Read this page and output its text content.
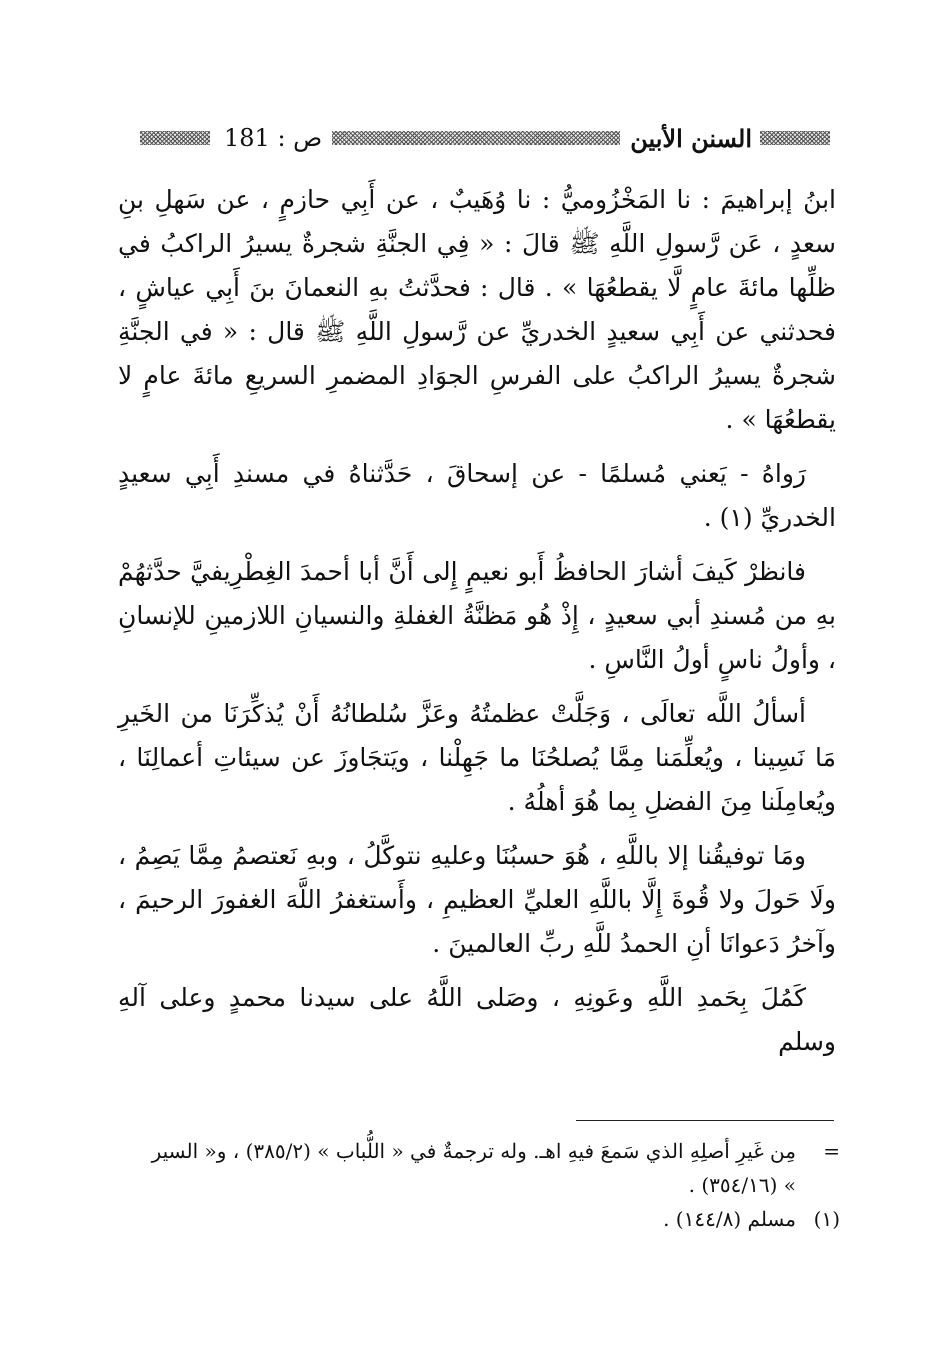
السنن الأبين
ص : 181

ابنُ إبراهيمَ : نا المَخْزُوميُّ : نا وُهَيبٌ ، عن أَبِي حازمٍ ، عن سَهلِ بنِ سعدٍ ، عَن رَّسولِ اللَّهِ ﷺ قالَ : « فِي الجنَّةِ شجرةٌ يسيرُ الراكبُ في ظلِّها مائةَ عامٍ لَّا يقطعُهَا » . قال : فحدَّثتُ بهِ النعمانَ بنَ أَبِي عياشٍ ، فحدثني عن أَبِي سعيدٍ الخدريِّ عن رَّسولِ اللَّهِ ﷺ قال : « في الجنَّةِ شجرةٌ يسيرُ الراكبُ على الفرسِ الجوَادِ المضمرِ السريعِ مائةَ عامٍ لا يقطعُهَا » .

رَواهُ - يَعني مُسلمًا - عن إسحاقَ ، حَدَّثناهُ في مسندِ أَبِي سعيدٍ الخدريِّ (١) .

فانظرْ كَيفَ أشارَ الحافظُ أَبو نعيمٍ إِلى أَنَّ أبا أحمدَ الغِطْرِيفيَّ حدَّثهُمْ بهِ من مُسندِ أبي سعيدٍ ، إِذْ هُو مَظنَّةُ الغفلةِ والنسيانِ اللازمينِ للإنسانِ ، وأولُ ناسٍ أولُ النَّاسِ .

أسألُ اللَّه تعالَى ، وَجَلَّتْ عظمتُهُ وعَزَّ سُلطانُهُ أَنْ يُذكِّرَنَا من الخَيرِ مَا نَسِينا ، ويُعلِّمَنا مِمَّا يُصلحُنَا ما جَهِلْنا ، ويَتجَاوزَ عن سيئاتِ أعمالِنَا ، ويُعامِلَنا مِنَ الفضلِ بِما هُوَ أهلُهُ .

ومَا توفيقُنا إلا باللَّهِ ، هُوَ حسبُنَا وعليهِ نتوكَّلُ ، وبهِ نَعتصمُ مِمَّا يَصِمُ ، ولَا حَولَ ولا قُوةَ إِلَّا باللَّهِ العليِّ العظيمِ ، وأَستغفرُ اللَّهَ الغفورَ الرحيمَ ، وآخرُ دَعوانَا أنِ الحمدُ للَّهِ ربِّ العالمينَ .

كَمُلَ بِحَمدِ اللَّهِ وعَونِهِ ، وصَلى اللَّهُ على سيدنا محمدٍ وعلى آلهِ وسلم

=
مِن غَيرِ أصلِهِ الذي سَمعَ فيهِ اهـ. وله ترجمةٌ في « اللُّباب » (٣٨٥/٢) ، و« السير » (٣٥٤/١٦) .
(١)
مسلم (١٤٤/٨) .
